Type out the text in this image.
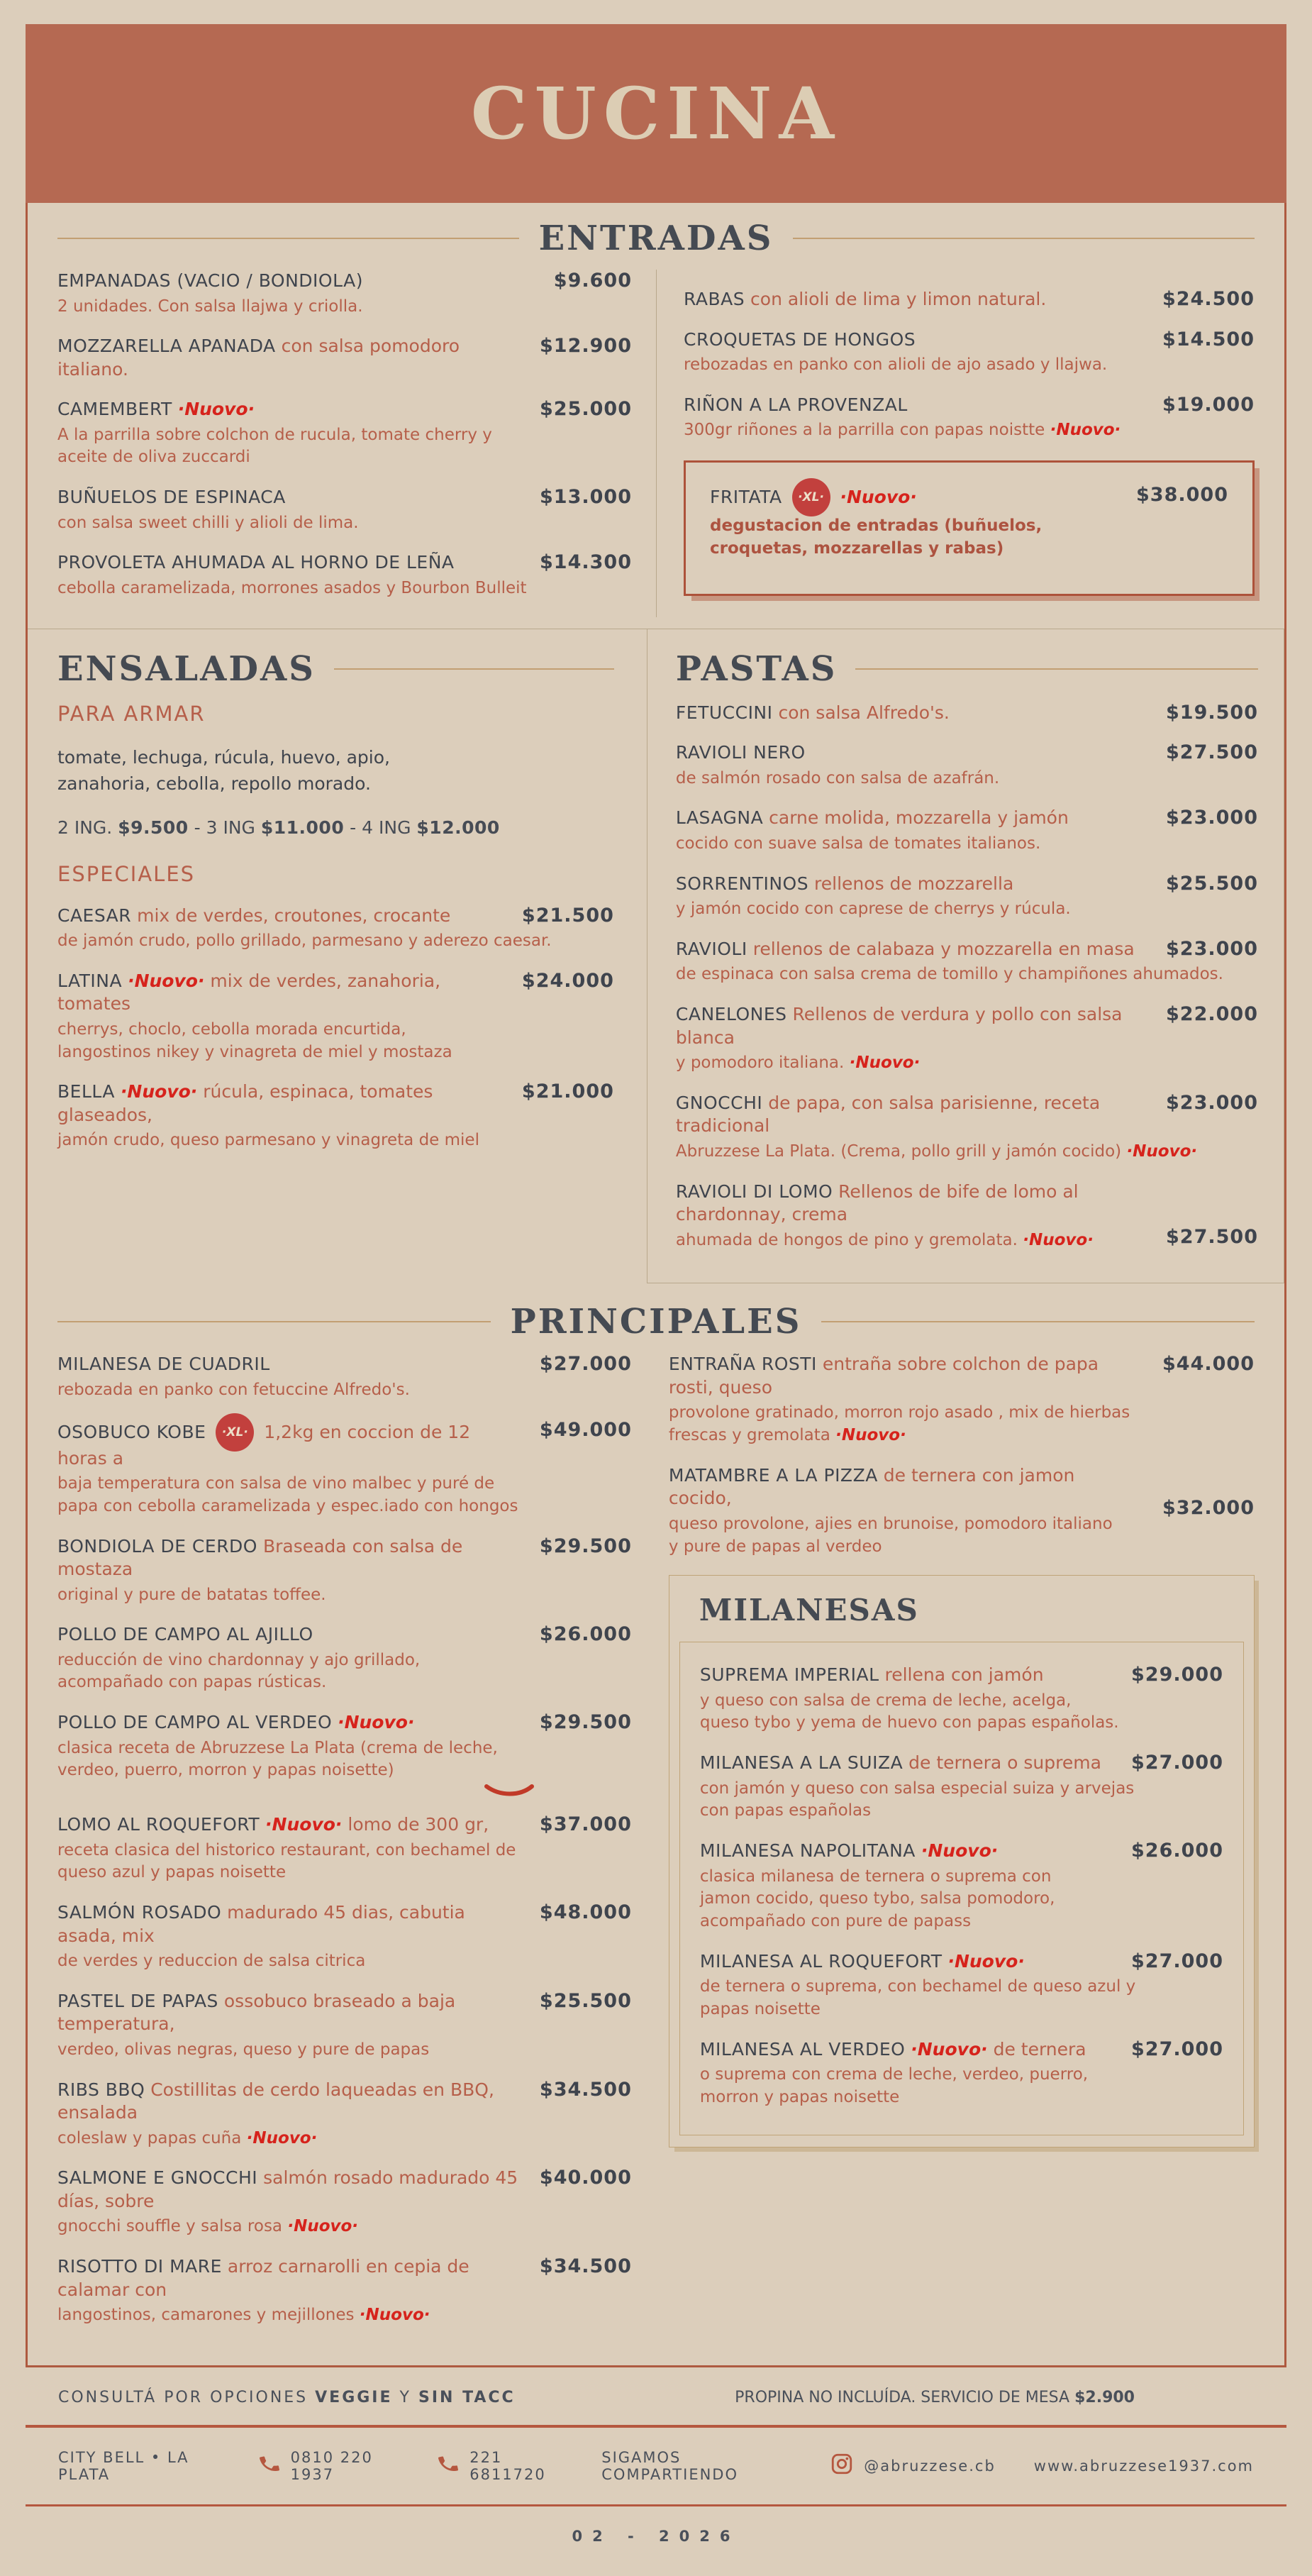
CUCINA
ENTRADAS
EMPANADAS (VACIO / BONDIOLA)
2 unidades. Con salsa llajwa y criolla.
$9.600
MOZZARELLA APANADA con salsa pomodoro italiano.
$12.900
CAMEMBERT ·Nuovo·
A la parrilla sobre colchon de rucula, tomate cherry y
aceite de oliva zuccardi
$25.000
BUÑUELOS DE ESPINACA
con salsa sweet chilli y alioli de lima.
$13.000
PROVOLETA AHUMADA AL HORNO DE LEÑA
cebolla caramelizada, morrones asados y Bourbon Bulleit
$14.300
RABAS con alioli de lima y limon natural.	$24.500
CROQUETAS DE HONGOS
rebozadas en panko con alioli de ajo asado y llajwa.
$14.500
RIÑON A LA PROVENZAL
300gr riñones a la parrilla con papas noistte ·Nuovo·
$19.000
FRITATA ·XL· ·Nuovo·
degustacion de entradas (buñuelos,
croquetas, mozzarellas y rabas)
$38.000
ENSALADAS
PARA ARMAR
tomate, lechuga, rúcula, huevo, apio,
zanahoria, cebolla, repollo morado.
2 ING. $9.500 - 3 ING $11.000 - 4 ING $12.000
ESPECIALES
CAESAR mix de verdes, croutones, crocante
de jamón crudo, pollo grillado, parmesano y aderezo caesar.
$21.500
LATINA ·Nuovo· mix de verdes, zanahoria, tomates
cherrys, choclo, cebolla morada encurtida,
langostinos nikey y vinagreta de miel y mostaza
$24.000
BELLA ·Nuovo· rúcula, espinaca, tomates glaseados,
jamón crudo, queso parmesano y vinagreta de miel
$21.000
PASTAS
FETUCCINI con salsa Alfredo's.	$19.500
RAVIOLI NERO
de salmón rosado con salsa de azafrán.
$27.500
LASAGNA carne molida, mozzarella y jamón
cocido con suave salsa de tomates italianos.
$23.000
SORRENTINOS rellenos de mozzarella
y jamón cocido con caprese de cherrys y rúcula.
$25.500
RAVIOLI rellenos de calabaza y mozzarella en masa
de espinaca con salsa crema de tomillo y champiñones ahumados.
$23.000
CANELONES Rellenos de verdura y pollo con salsa blanca
y pomodoro italiana. ·Nuovo·
$22.000
GNOCCHI de papa, con salsa parisienne, receta tradicional
Abruzzese La Plata. (Crema, pollo grill y jamón cocido) ·Nuovo·
$23.000
RAVIOLI DI LOMO Rellenos de bife de lomo al chardonnay, crema
ahumada de hongos de pino y gremolata. ·Nuovo·	$27.500
PRINCIPALES
MILANESA DE CUADRIL
rebozada en panko con fetuccine Alfredo's.
$27.000
OSOBUCO KOBE ·XL· 1,2kg en coccion de 12 horas a
baja temperatura con salsa de vino malbec y puré de
papa con cebolla caramelizada y espec.iado con hongos
$49.000
BONDIOLA DE CERDO Braseada con salsa de mostaza
original y pure de batatas toffee.
$29.500
POLLO DE CAMPO AL AJILLO
reducción de vino chardonnay y ajo grillado,
acompañado con papas rústicas.
$26.000
POLLO DE CAMPO AL VERDEO ·Nuovo·
clasica receta de Abruzzese La Plata (crema de leche,
verdeo, puerro, morron y papas noisette)
$29.500
LOMO AL ROQUEFORT ·Nuovo· lomo de 300 gr,
receta clasica del historico restaurant, con bechamel de
queso azul y papas noisette
$37.000
SALMÓN ROSADO madurado 45 dias, cabutia asada, mix
de verdes y reduccion de salsa citrica
$48.000
PASTEL DE PAPAS ossobuco braseado a baja temperatura,
verdeo, olivas negras, queso y pure de papas
$25.500
RIBS BBQ Costillitas de cerdo laqueadas en BBQ, ensalada
coleslaw y papas cuña ·Nuovo·
$34.500
SALMONE E GNOCCHI salmón rosado madurado 45 días, sobre
gnocchi souffle y salsa rosa ·Nuovo·
$40.000
RISOTTO DI MARE arroz carnarolli en cepia de calamar con
langostinos, camarones y mejillones ·Nuovo·
$34.500
ENTRAÑA ROSTI entraña sobre colchon de papa rosti, queso
provolone gratinado, morron rojo asado , mix de hierbas
frescas y gremolata ·Nuovo·
$44.000
MATAMBRE A LA PIZZA de ternera con jamon cocido,
queso provolone, ajies en brunoise, pomodoro italiano
y pure de papas al verdeo
$32.000
MILANESAS
SUPREMA IMPERIAL rellena con jamón
y queso con salsa de crema de leche, acelga,
queso tybo y yema de huevo con papas españolas.
$29.000
MILANESA A LA SUIZA de ternera o suprema
con jamón y queso con salsa especial suiza y arvejas
con papas españolas
$27.000
MILANESA NAPOLITANA ·Nuovo·
clasica milanesa de ternera o suprema con
jamon cocido, queso tybo, salsa pomodoro,
acompañado con pure de papass
$26.000
MILANESA AL ROQUEFORT ·Nuovo·
de ternera o suprema, con bechamel de queso azul y
papas noisette
$27.000
MILANESA AL VERDEO ·Nuovo· de ternera
o suprema con crema de leche, verdeo, puerro,
morron y papas noisette
$27.000
CONSULTÁ POR OPCIONES VEGGIE Y SIN TACC	PROPINA NO INCLUÍDA. SERVICIO DE MESA $2.900
CITY BELL • LA PLATA
0810 220 1937
221 6811720
SIGAMOS COMPARTIENDO	@abruzzese.cb	www.abruzzese1937.com
02 - 2026
